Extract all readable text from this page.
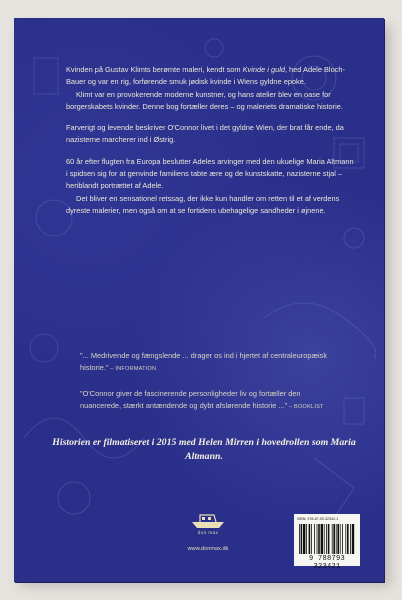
Kvinden på Gustav Klimts berømte maleri, kendt som Kvinde i guld, hed Adele Bloch-Bauer og var en rig, forførende smuk jødisk kvinde i Wiens gyldne epoke.

Klimt var en provokerende moderne kunstner, og hans atelier blev en oase for borgerskabets kvinder. Denne bog fortæller deres – og maleriets dramatiske historie.

Farverigt og levende beskriver O'Connor livet i det gyldne Wien, der brat får ende, da nazisterne marcherer ind i Østrig.

60 år efter flugten fra Europa beslutter Adeles arvinger med den ukuelige Maria Altmann i spidsen sig for at genvinde familiens tabte ære og de kunstskatte, nazisterne stjal – heriblandt portrættet af Adele.

Det bliver en sensationel retssag, der ikke kun handler om retten til et af verdens dyreste malerier, men også om at se fortidens ubehagelige sandheder i øjnene.

"... Medrivende og fængslende ... drager os ind i hjertet af centraleuropæisk historie." – INFORMATION
"O'Connor giver de fascinerende personligheder liv og fortæller den nuancerede, stærkt antændende og dybt afslørende historie ..." – BOOKLIST
Historien er filmatiseret i 2015 med Helen Mirren i hovedrollen som Maria Altmann.
don max
www.donmax.dk
ISBN: 978-87-93-32342-1
9 788793 323421
